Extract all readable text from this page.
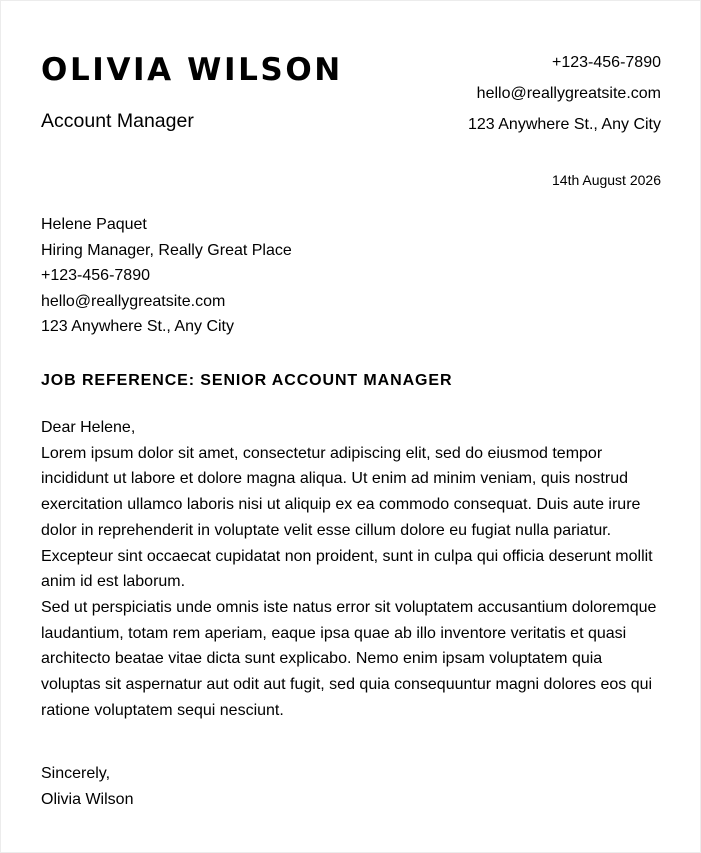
OLIVIA WILSON
Account Manager
+123-456-7890
hello@reallygreatsite.com
123 Anywhere St., Any City
14th August 2026
Helene Paquet
Hiring Manager, Really Great Place
+123-456-7890
hello@reallygreatsite.com
123 Anywhere St., Any City
JOB REFERENCE: SENIOR ACCOUNT MANAGER

Dear Helene,

Lorem ipsum dolor sit amet, consectetur adipiscing elit, sed do eiusmod tempor incididunt ut labore et dolore magna aliqua. Ut enim ad minim veniam, quis nostrud exercitation ullamco laboris nisi ut aliquip ex ea commodo consequat. Duis aute irure dolor in reprehenderit in voluptate velit esse cillum dolore eu fugiat nulla pariatur. Excepteur sint occaecat cupidatat non proident, sunt in culpa qui officia deserunt mollit anim id est laborum.

Sed ut perspiciatis unde omnis iste natus error sit voluptatem accusantium doloremque laudantium, totam rem aperiam, eaque ipsa quae ab illo inventore veritatis et quasi architecto beatae vitae dicta sunt explicabo. Nemo enim ipsam voluptatem quia voluptas sit aspernatur aut odit aut fugit, sed quia consequuntur magni dolores eos qui ratione voluptatem sequi nesciunt.

Sincerely,
Olivia Wilson
